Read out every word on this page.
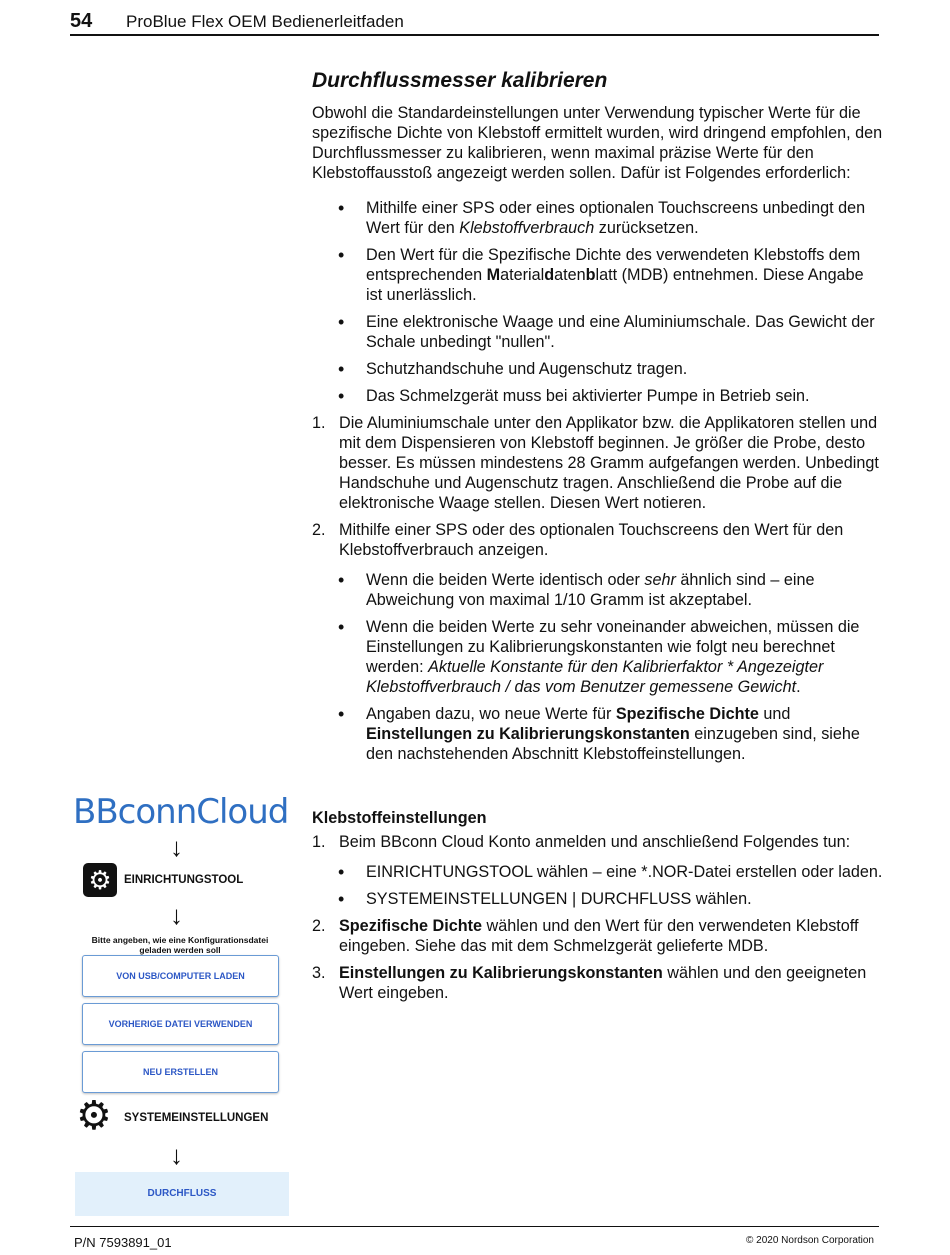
54 ProBlue Flex OEM Bedienerleitfaden
Durchflussmesser kalibrieren

Obwohl die Standardeinstellungen unter Verwendung typischer Werte für die spezifische Dichte von Klebstoff ermittelt wurden, wird dringend empfohlen, den Durchflussmesser zu kalibrieren, wenn maximal präzise Werte für den Klebstoffausstoß angezeigt werden sollen. Dafür ist Folgendes erforderlich:

• Mithilfe einer SPS oder eines optionalen Touchscreens unbedingt den Wert für den Klebstoffverbrauch zurücksetzen.
• Den Wert für die Spezifische Dichte des verwendeten Klebstoffs dem entsprechenden Materialdatenblatt (MDB) entnehmen. Diese Angabe ist unerlässlich.
• Eine elektronische Waage und eine Aluminiumschale. Das Gewicht der Schale unbedingt "nullen".
• Schutzhandschuhe und Augenschutz tragen.
• Das Schmelzgerät muss bei aktivierter Pumpe in Betrieb sein.
1. Die Aluminiumschale unter den Applikator bzw. die Applikatoren stellen und mit dem Dispensieren von Klebstoff beginnen. Je größer die Probe, desto besser. Es müssen mindestens 28 Gramm aufgefangen werden. Unbedingt Handschuhe und Augenschutz tragen. Anschließend die Probe auf die elektronische Waage stellen. Diesen Wert notieren.
2. Mithilfe einer SPS oder des optionalen Touchscreens den Wert für den Klebstoffverbrauch anzeigen.
• Wenn die beiden Werte identisch oder sehr ähnlich sind – eine Abweichung von maximal 1/10 Gramm ist akzeptabel.
• Wenn die beiden Werte zu sehr voneinander abweichen, müssen die Einstellungen zu Kalibrierungskonstanten wie folgt neu berechnet werden: Aktuelle Konstante für den Kalibrierfaktor * Angezeigter Klebstoffverbrauch / das vom Benutzer gemessene Gewicht.
• Angaben dazu, wo neue Werte für Spezifische Dichte und Einstellungen zu Kalibrierungskonstanten einzugeben sind, siehe den nachstehenden Abschnitt Klebstoffeinstellungen.
Klebstoffeinstellungen
1. Beim BBconn Cloud Konto anmelden und anschließend Folgendes tun:
• EINRICHTUNGSTOOL wählen – eine *.NOR-Datei erstellen oder laden.
• SYSTEMEINSTELLUNGEN | DURCHFLUSS wählen.
2. Spezifische Dichte wählen und den Wert für den verwendeten Klebstoff eingeben. Siehe das mit dem Schmelzgerät gelieferte MDB.
3. Einstellungen zu Kalibrierungskonstanten wählen und den geeigneten Wert eingeben.
BBconnCloud
↓
⚙	EINRICHTUNGSTOOL
↓
Bitte angeben, wie eine Konfigurationsdatei geladen werden soll
VON USB/COMPUTER LADEN
VORHERIGE DATEI VERWENDEN
NEU ERSTELLEN
⚙ SYSTEMEINSTELLUNGEN
↓
DURCHFLUSS
P/N 7593891_01	© 2020 Nordson Corporation
